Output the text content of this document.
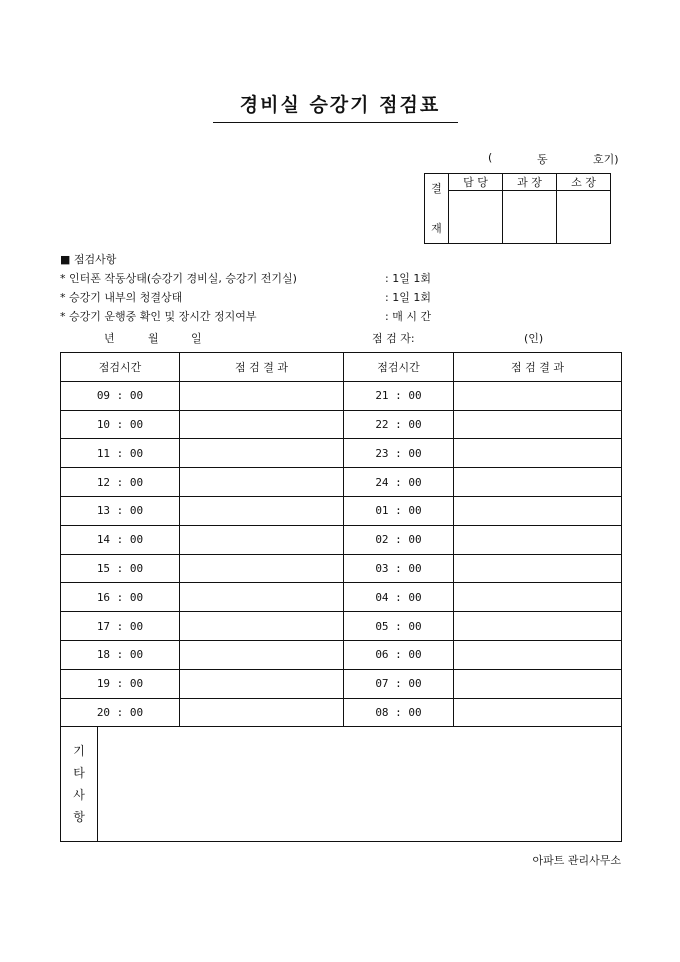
경비실 승강기 점검표
(	동	호기)
결
재	담 당	과 장	소 장

■ 점검사항
* 인터폰 작동상태(승강기 경비실, 승강기 전기실)	: 1일 1회
* 승강기 내부의 청결상태	: 1일 1회
* 승강기 운행중 확인 및 장시간 정지여부	: 매 시 간
년	월	일	점 검 자:	(인)
점검시간	점 검 결 과	점검시간	점 검 결 과
09 : 00		21 : 00	
10 : 00		22 : 00	
11 : 00		23 : 00	
12 : 00		24 : 00	
13 : 00		01 : 00	
14 : 00		02 : 00	
15 : 00		03 : 00	
16 : 00		04 : 00	
17 : 00		05 : 00	
18 : 00		06 : 00	
19 : 00		07 : 00	
20 : 00		08 : 00	

기
타
사
항			
아파트 관리사무소
